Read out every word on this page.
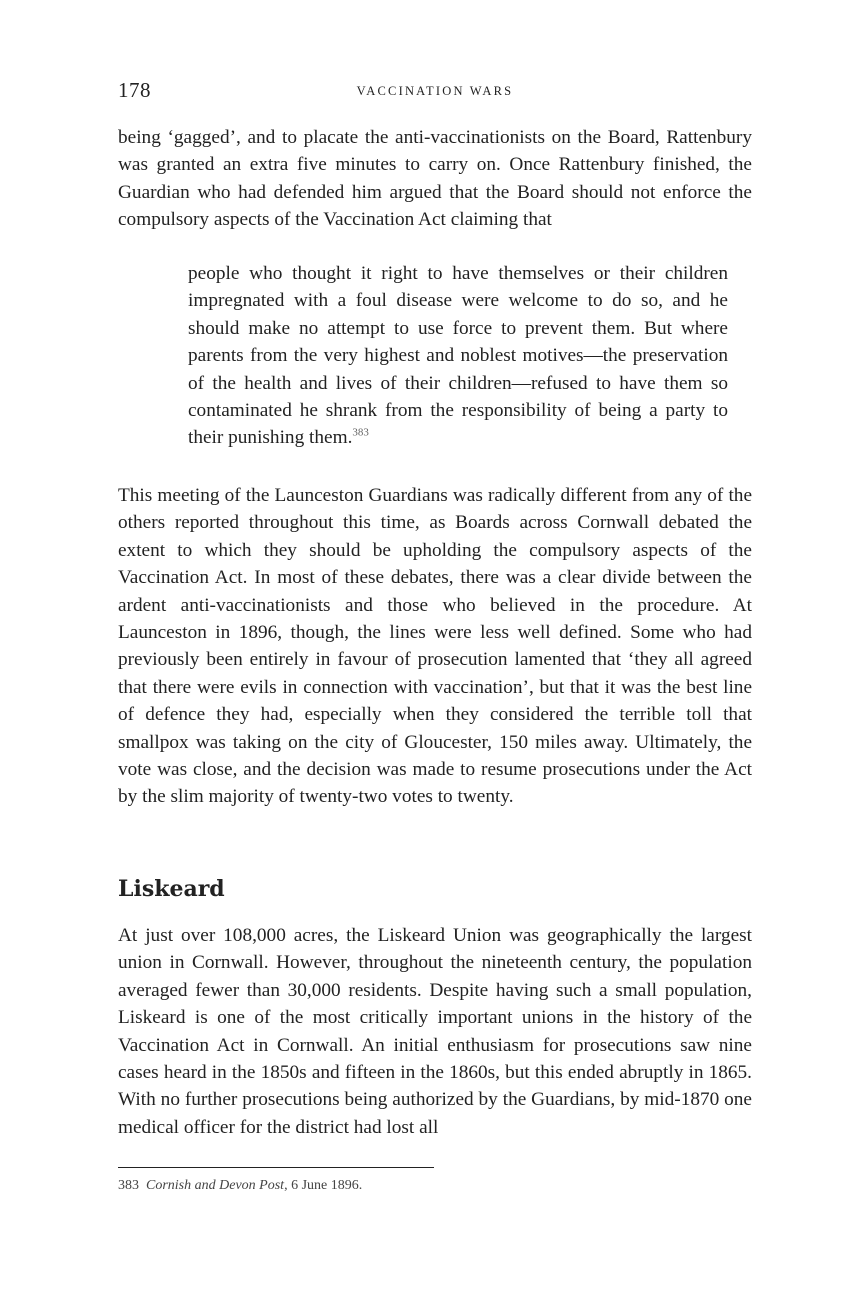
178	VACCINATION WARS

being ‘gagged’, and to placate the anti-vaccinationists on the Board, Rattenbury was granted an extra five minutes to carry on. Once Rattenbury finished, the Guardian who had defended him argued that the Board should not enforce the compulsory aspects of the Vaccination Act claiming that

people who thought it right to have themselves or their children impregnated with a foul disease were welcome to do so, and he should make no attempt to use force to prevent them. But where parents from the very highest and noblest motives—the preservation of the health and lives of their children—refused to have them so contaminated he shrank from the responsibility of being a party to their punishing them.$^{383}$

This meeting of the Launceston Guardians was radically different from any of the others reported throughout this time, as Boards across Cornwall debated the extent to which they should be upholding the compulsory aspects of the Vaccination Act. In most of these debates, there was a clear divide between the ardent anti-vaccinationists and those who believed in the procedure. At Launceston in 1896, though, the lines were less well defined. Some who had previously been entirely in favour of prosecution lamented that ‘they all agreed that there were evils in connection with vaccination’, but that it was the best line of defence they had, especially when they considered the terrible toll that smallpox was taking on the city of Gloucester, 150 miles away. Ultimately, the vote was close, and the decision was made to resume prosecutions under the Act by the slim majority of twenty-two votes to twenty.

Liskeard

At just over 108,000 acres, the Liskeard Union was geographically the largest union in Cornwall. However, throughout the nineteenth century, the population averaged fewer than 30,000 residents. Despite having such a small population, Liskeard is one of the most critically important unions in the history of the Vaccination Act in Cornwall. An initial enthusiasm for prosecutions saw nine cases heard in the 1850s and fifteen in the 1860s, but this ended abruptly in 1865. With no further prosecutions being authorized by the Guardians, by mid-1870 one medical officer for the district had lost all

383 Cornish and Devon Post, 6 June 1896.
